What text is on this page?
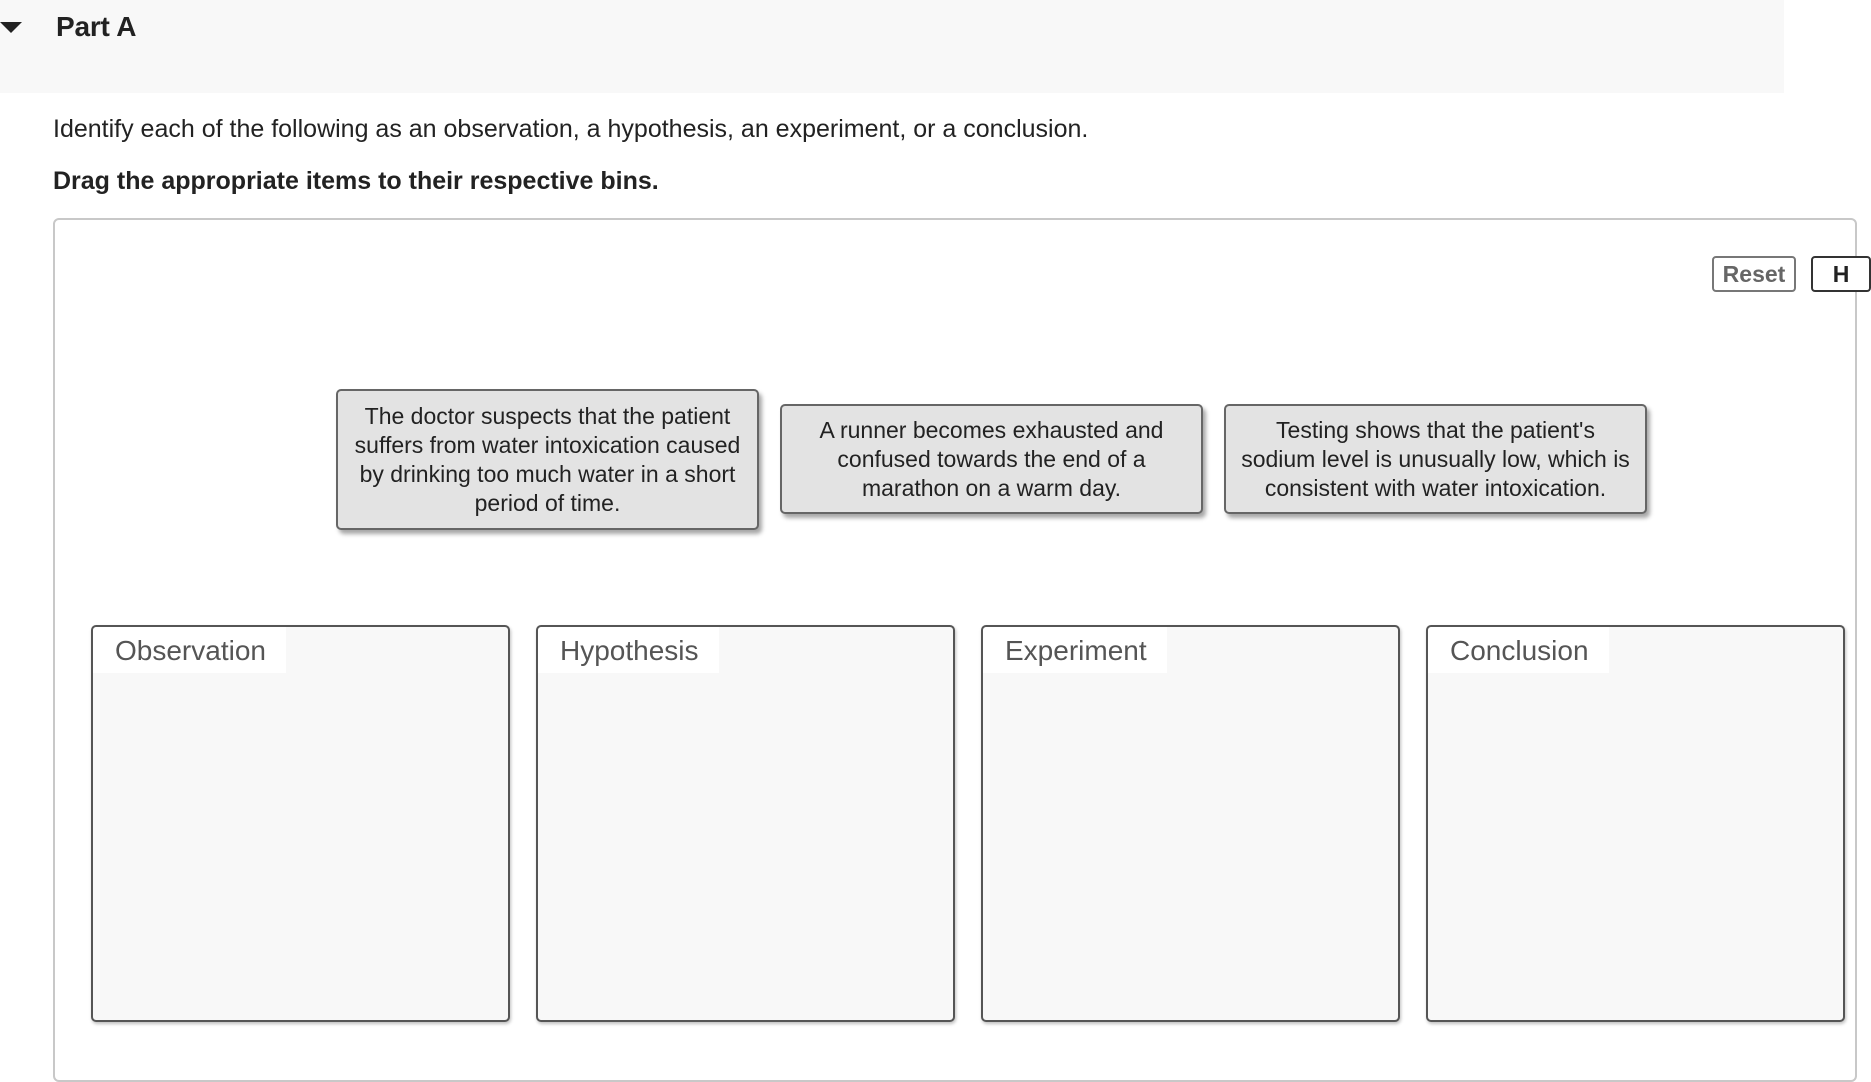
Part A
Identify each of the following as an observation, a hypothesis, an experiment, or a conclusion.
Drag the appropriate items to their respective bins.
Reset	H
The doctor suspects that the patient suffers from water intoxication caused by drinking too much water in a short period of time.
A runner becomes exhausted and confused towards the end of a marathon on a warm day.
Testing shows that the patient's sodium level is unusually low, which is consistent with water intoxication.
Observation	Hypothesis	Experiment	Conclusion
